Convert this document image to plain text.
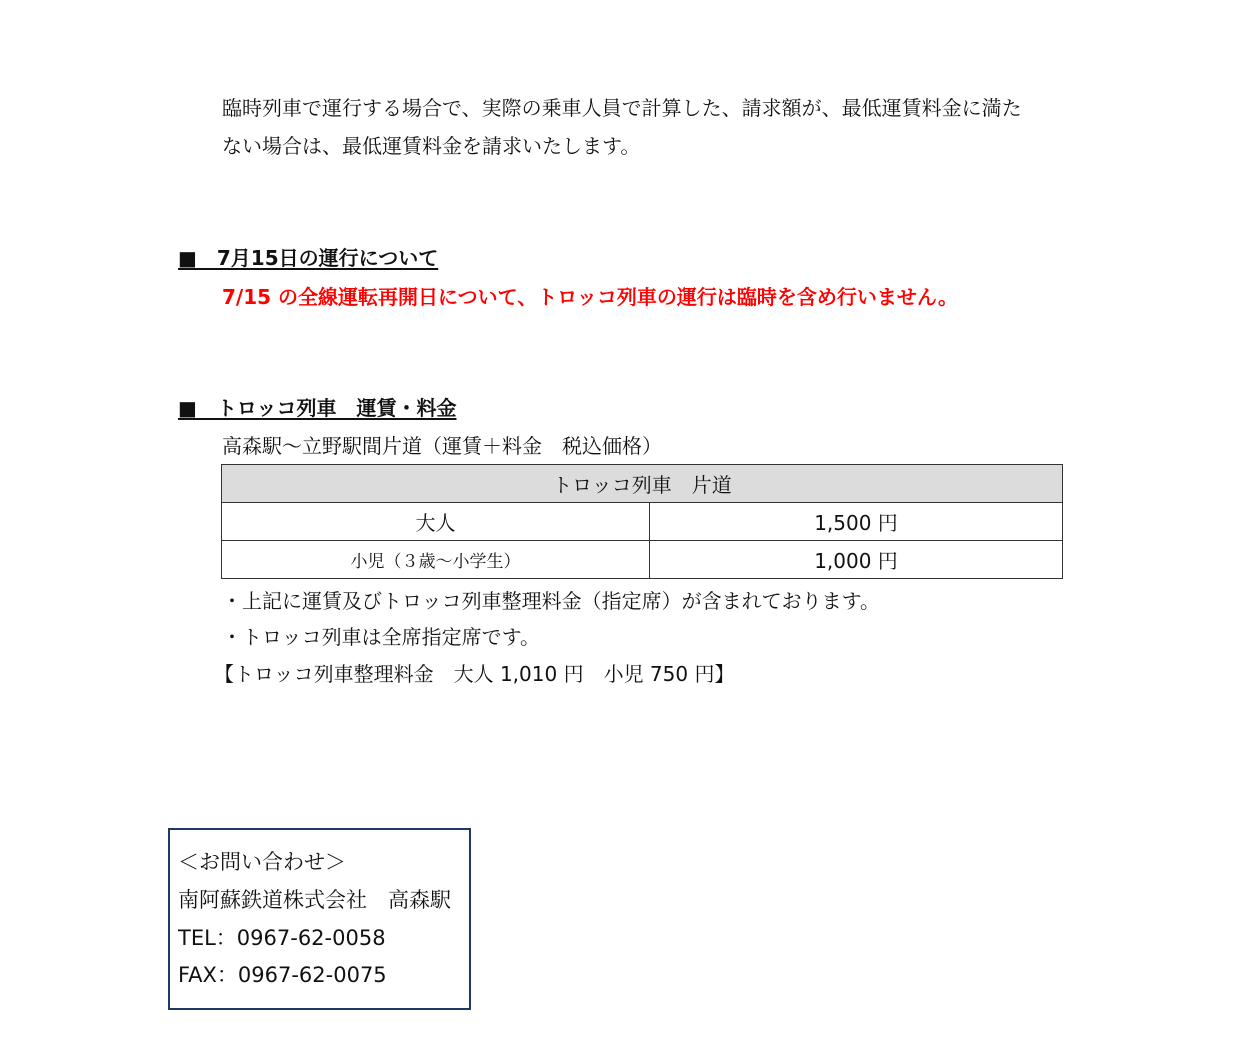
臨時列車で運行する場合で、実際の乗車人員で計算した、請求額が、最低運賃料金に満た
ない場合は、最低運賃料金を請求いたします。
■　7月15日の運行について
7/15 の全線運転再開日について、トロッコ列車の運行は臨時を含め行いません。
■　トロッコ列車　運賃・料金
高森駅～立野駅間片道（運賃＋料金　税込価格）
トロッコ列車　片道	
大人	1,500 円
小児（３歳～小学生）	1,000 円
・上記に運賃及びトロッコ列車整理料金（指定席）が含まれております。
・トロッコ列車は全席指定席です。
【トロッコ列車整理料金　大人 1,010 円　小児 750 円】
＜お問い合わせ＞
南阿蘇鉄道株式会社　高森駅
TEL：0967-62-0058
FAX：0967-62-0075
